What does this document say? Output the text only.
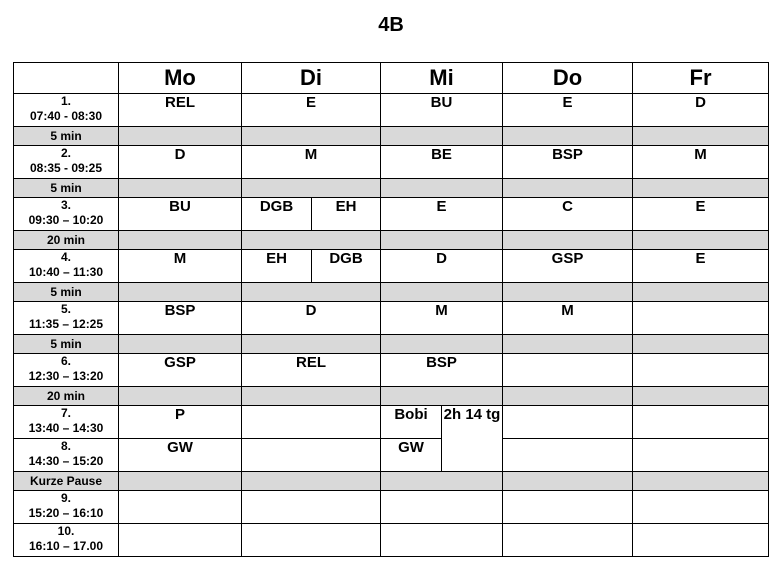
4B
	Mo	Di		Mi		Do	Fr
1.
07:40 - 08:30	REL	E		BU		E	D
5 min							
2.
08:35 - 09:25	D	M		BE		BSP	M
5 min							
3.
09:30 – 10:20	BU	DGB	EH	E		C	E
20 min							
4.
10:40 – 11:30	M	EH	DGB	D		GSP	E
5 min							
5.
11:35 – 12:25	BSP	D		M		M	
5 min							
6.
12:30 – 13:20	GSP	REL		BSP			
20 min							
7.
13:40 – 14:30	P			Bobi	2h 14 tg		
8.
14:30 – 15:20	GW			GW			
Kurze Pause							
9.
15:20 – 16:10							
10.
16:10 – 17.00							
